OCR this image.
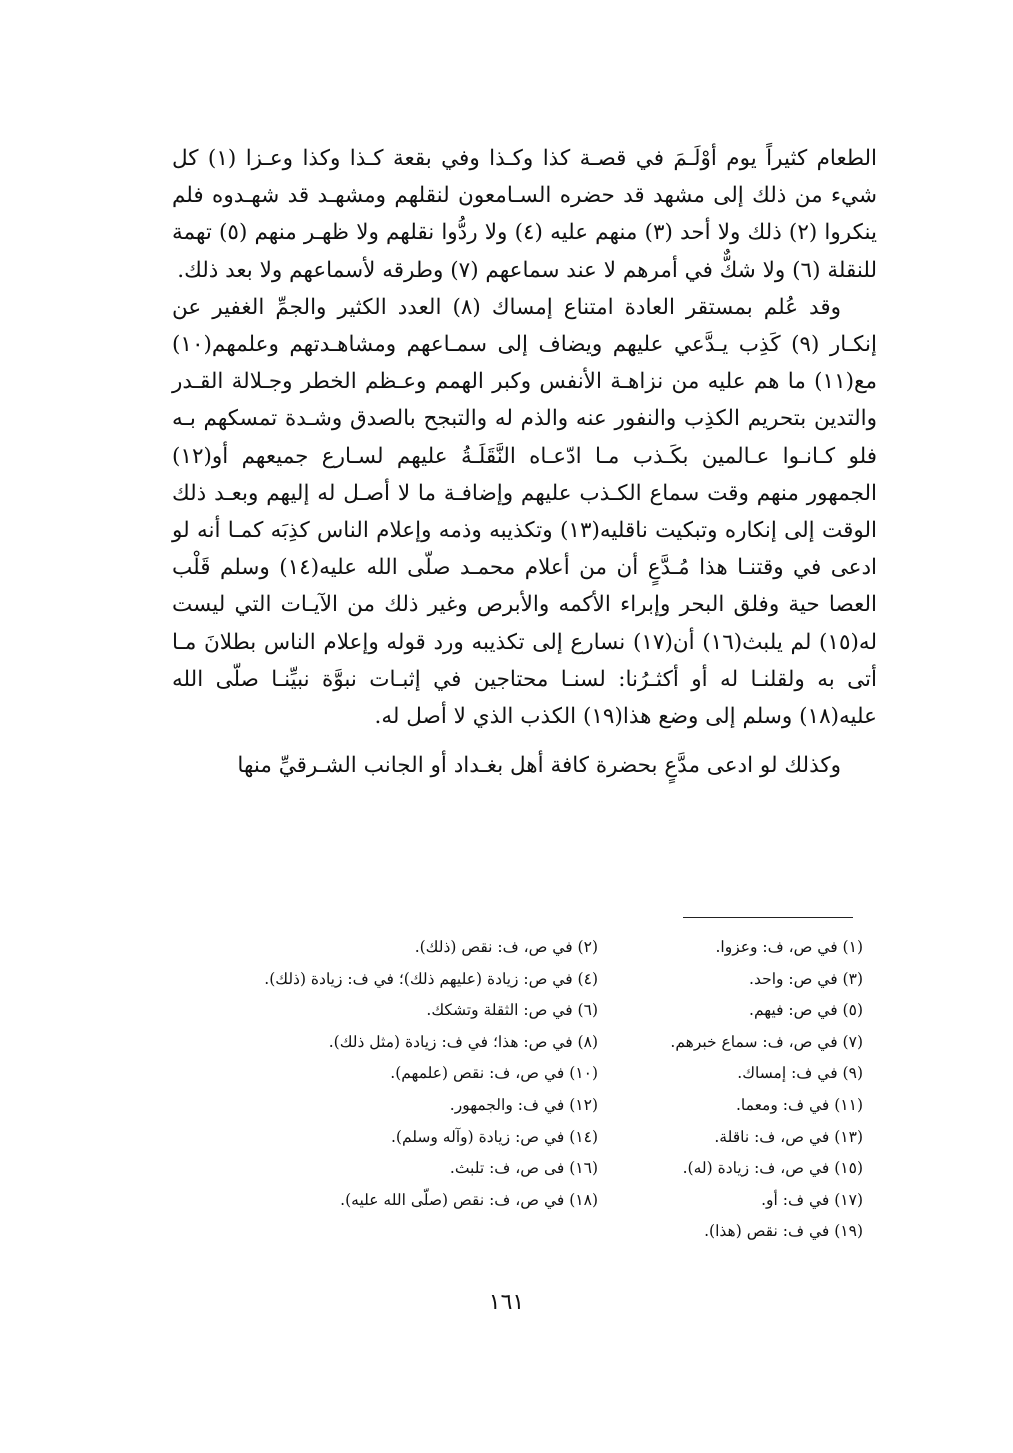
الطعام كثيراً يوم أوْلَـمَ في قصـة كذا وكـذا وفي بقعة كـذا وكذا وعـزا (١) كل شيء من ذلك إلى مشهد قد حضره السـامعون لنقلهم ومشهـد قد شهـدوه فلم ينكروا (٢) ذلك ولا أحد (٣) منهم عليه (٤) ولا ردُّوا نقلهم ولا ظهـر منهم (٥) تهمة للنقلة (٦) ولا شكٌّ في أمرهم لا عند سماعهم (٧) وطرقه لأسماعهم ولا بعد ذلك.

وقد عُلم بمستقر العادة امتناع إمساك (٨) العدد الكثير والجمِّ الغفير عن إنكـار (٩) كَذِب يـدَّعي عليهم ويضاف إلى سمـاعهم ومشاهـدتهم وعلمهم(١٠) مع(١١) ما هم عليه من نزاهـة الأنفس وكبر الهمم وعـظم الخطر وجـلالة القـدر والتدين بتحريم الكذِب والنفور عنه والذم له والتبجح بالصدق وشـدة تمسكهم بـه فلو كـانـوا عـالمين بكَـذب مـا ادّعـاه النَّقَلَـةُ عليهم لسـارع جميعهم أو(١٢) الجمهور منهم وقت سماع الكـذب عليهم وإضافـة ما لا أصـل له إليهم وبعـد ذلك الوقت إلى إنكاره وتبكيت ناقليه(١٣) وتكذيبه وذمه وإعلام الناس كذِبَه كمـا أنه لو ادعى في وقتنـا هذا مُـدَّعٍ أن من أعلام محمـد صلّى الله عليه(١٤) وسلم قَلْب العصا حية وفلق البحر وإبراء الأكمه والأبرص وغير ذلك من الآيـات التي ليست له(١٥) لم يلبث(١٦) أن(١٧) نسارع إلى تكذيبه ورد قوله وإعلام الناس بطلانَ مـا أتى به ولقلنـا له أو أكثـرُنا: لسنـا محتاجين في إثبـات نبوَّة نبيِّنـا صلّى الله عليه(١٨) وسلم إلى وضع هذا(١٩) الكذب الذي لا أصل له.

وكذلك لو ادعى مدَّعٍ بحضرة كافة أهل بغـداد أو الجانب الشـرقيِّ منها

(١) في ص، ف: وعزوا.
(٣) في ص: واحد.
(٥) في ص: فيهم.
(٧) في ص، ف: سماع خبرهم.
(٩) في ف: إمساك.
(١١) في ف: ومعما.
(١٣) في ص، ف: ناقلة.
(١٥) في ص، ف: زيادة (له).
(١٧) في ف: أو.
(١٩) في ف: نقص (هذا).
(٢) في ص، ف: نقص (ذلك).
(٤) في ص: زيادة (عليهم ذلك)؛ في ف: زيادة (ذلك).
(٦) في ص: الثقلة وتشكك.
(٨) في ص: هذا؛ في ف: زيادة (مثل ذلك).
(١٠) في ص، ف: نقص (علمهم).
(١٢) في ف: والجمهور.
(١٤) في ص: زيادة (وآله وسلم).
(١٦) فى ص، ف: تلبث.
(١٨) في ص، ف: نقص (صلّى الله عليه).
١٦١
